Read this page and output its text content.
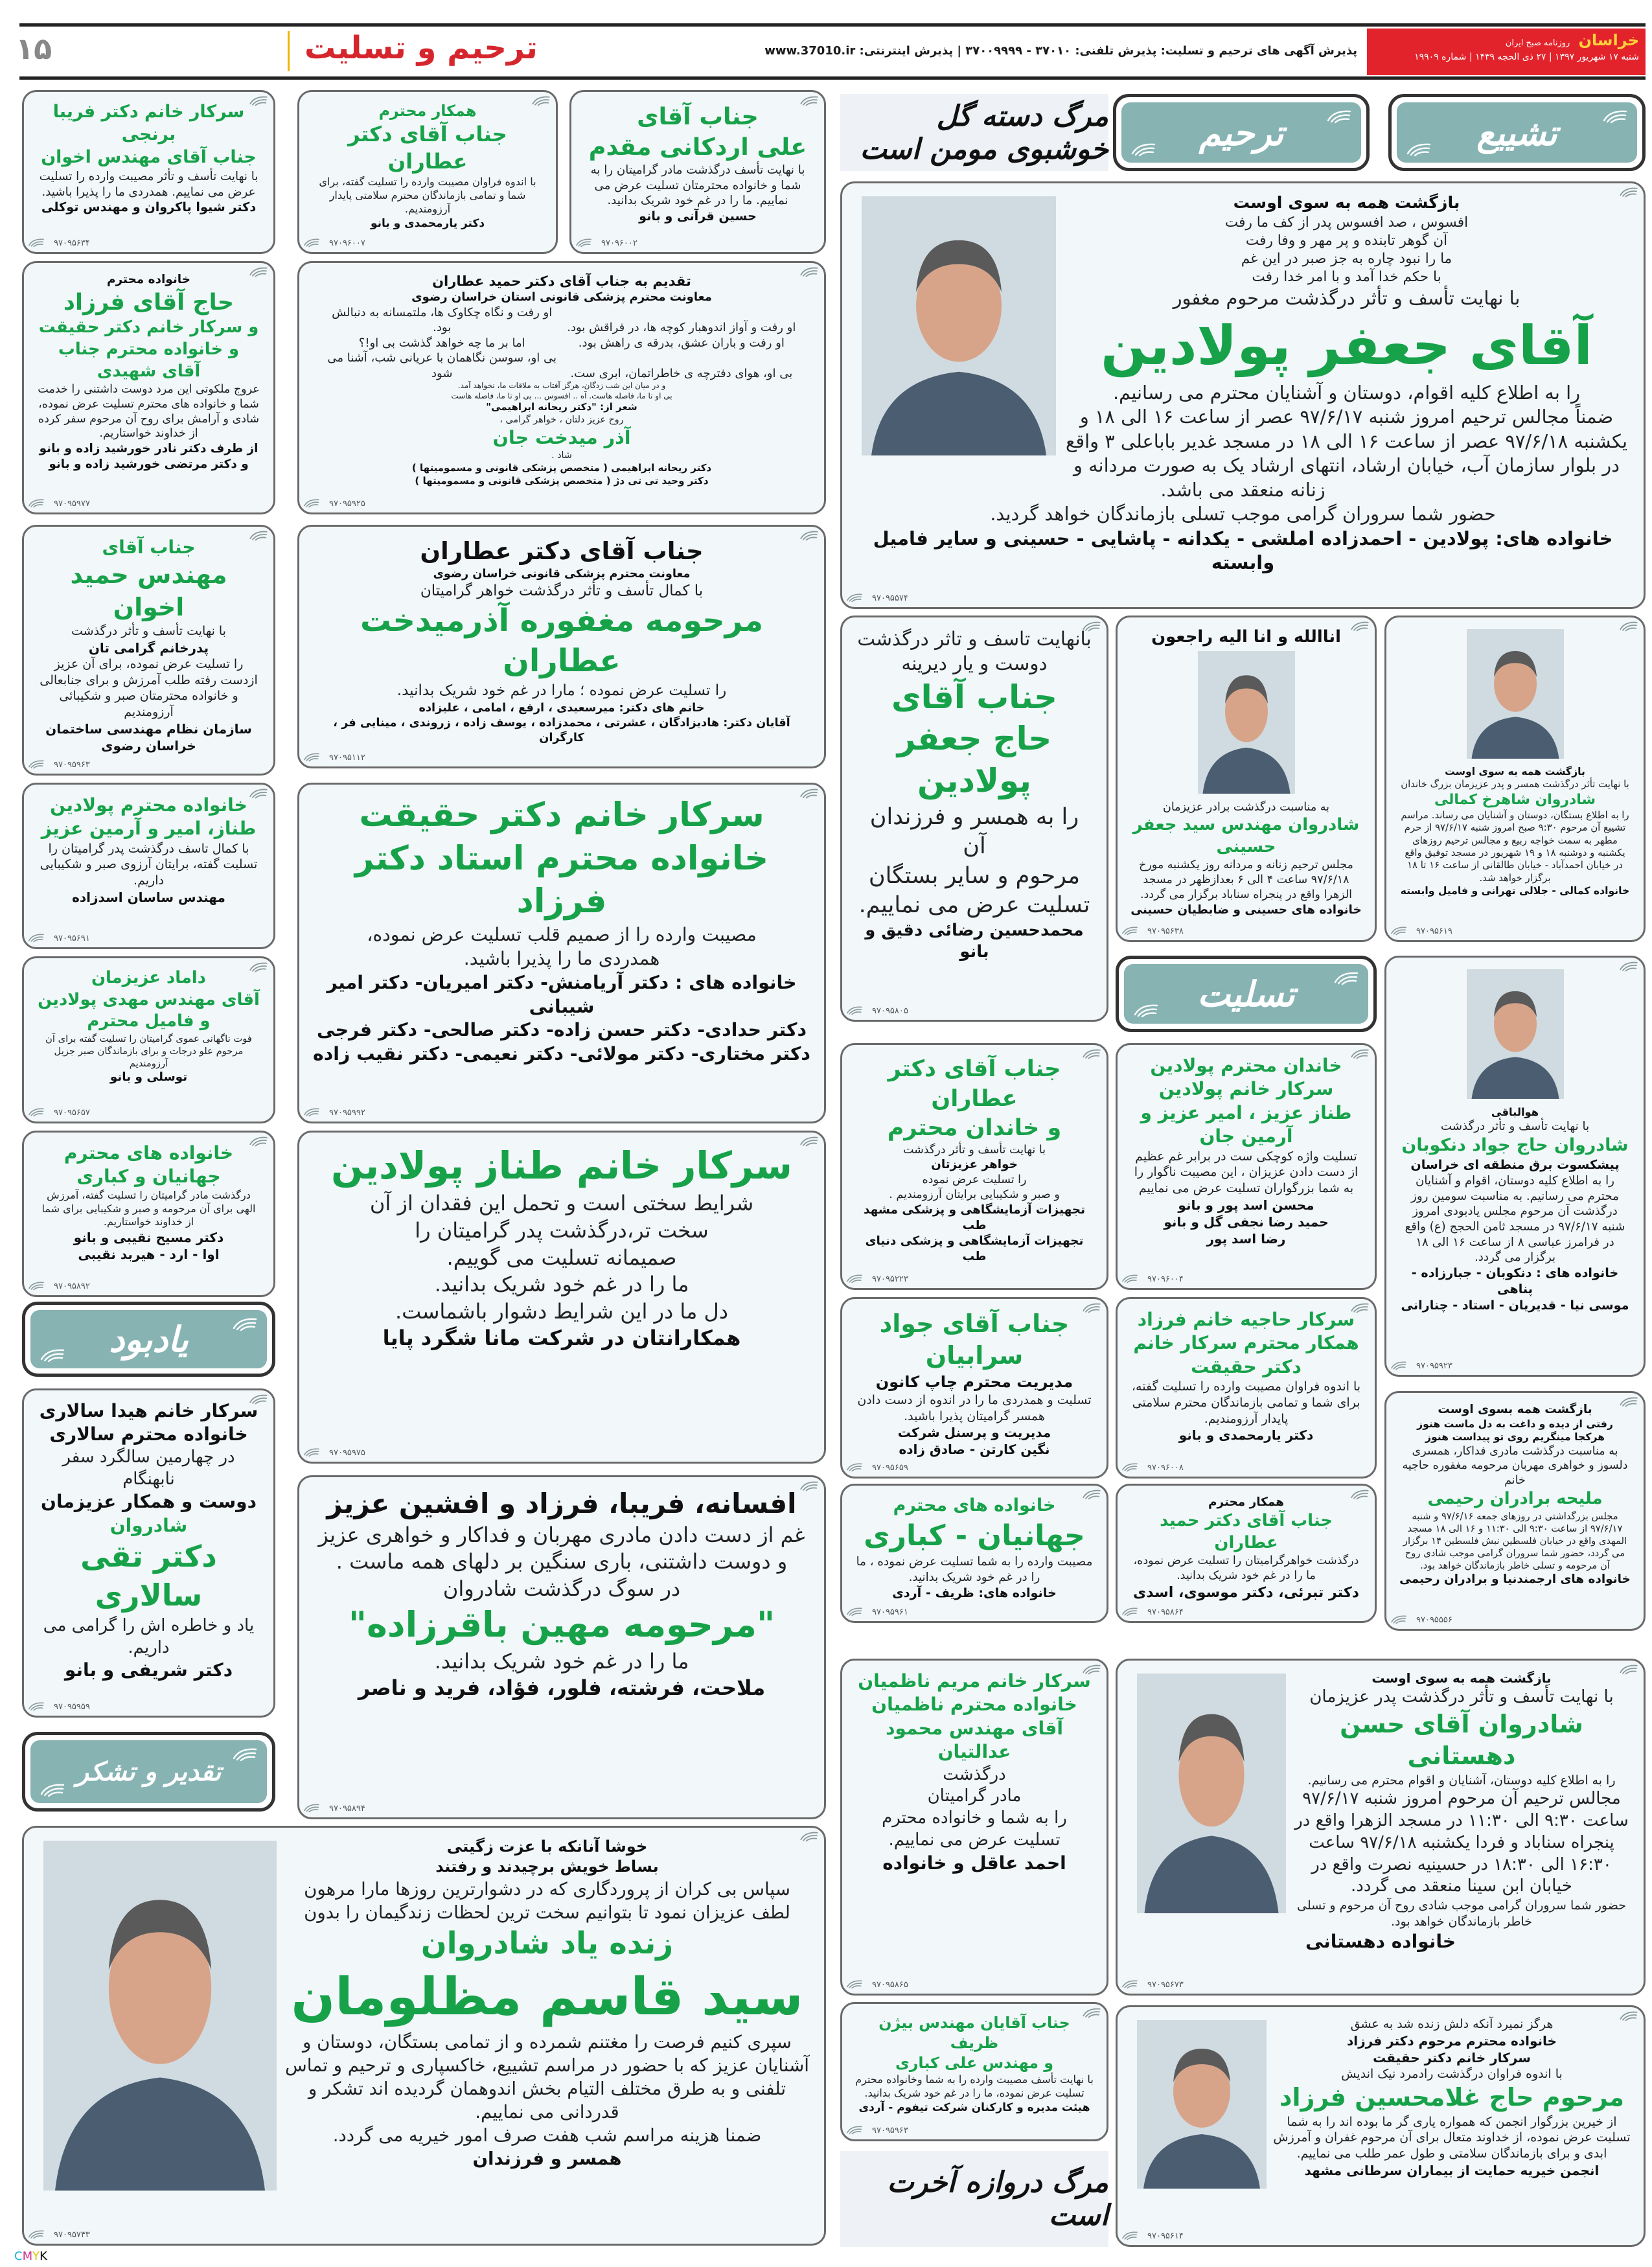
خراسان روزنامه صبح ایران
شنبه ۱۷ شهریور ۱۳۹۷ | ۲۷ ذی الحجه ۱۴۳۹ | شماره ۱۹۹۰۹
پذیرش آگهی های ترحیم و تسلیت: پذیرش تلفنی: ۳۷۰۱۰ - ۳۷۰۰۹۹۹۹ | پذیرش اینترنتی: www.37010.ir
ترحیم و تسلیت
۱۵
تشییع
ترحیم
مرگ دسته گل خوشبوی مومن است
تسلیت
یادبود
تقدیر و تشکر
مرگ دروازه آخرت است
CMYK
بازگشت همه به سوی اوست
افسوس ، صد افسوس پدر از کف ما رفتآن گوهر تابنده و پر مهر و وفا رفتما را نبود چاره به جز صبر در این غمبا حکم خدا آمد و با امر خدا رفت
با نهایت تأسف و تأثر درگذشت مرحوم مغفور
آقای جعفر پولادین
را به اطلاع کلیه اقوام، دوستان و آشنایان محترم می رسانیم.
ضمناً مجالس ترحیم امروز شنبه ۹۷/۶/۱۷ عصر از ساعت ۱۶ الی ۱۸ و یکشنبه ۹۷/۶/۱۸ عصر از ساعت ۱۶ الی ۱۸ در مسجد غدیر باباعلی ۳ واقع در بلوار سازمان آب، خیابان ارشاد، انتهای ارشاد یک به صورت مردانه و زنانه منعقد می باشد.
حضور شما سروران گرامی موجب تسلی بازماندگان خواهد گردید.
خانواده های: پولادین - احمدزاده املشی - یکدانه - پاشایی - حسینی و سایر فامیل وابسته
۹۷۰۹۵۵۷۴
بانهایت تاسف و تاثر درگذشت
دوست و یار دیرینه
جناب آقای
حاج جعفر پولادین
را به همسر و فرزندان آن
مرحوم و سایر بستگان
تسلیت عرض می نماییم.
محمدحسین رضائی دقیق و بانو
۹۷۰۹۵۸۰۵
اناالله و انا الیه راجعون
به مناسبت درگذشت برادر عزیزمان
شادروان مهندس سید جعفر حسینی
مجلس ترحیم زنانه و مردانه روز یکشنبه مورخ ۹۷/۶/۱۸ ساعت ۴ الی ۶ بعدازظهر در مسجد الزهرا واقع در پنجراه سناباد برگزار می گردد.
خانواده های حسینی و ضابطیان حسینی
۹۷۰۹۵۶۳۸
بازگشت همه به سوی اوست
با نهایت تأثر درگذشت همسر و پدر عزیزمان بزرگ خاندان
شادروان شاهرخ کمالی
را به اطلاع بستگان، دوستان و آشنایان می رساند. مراسم تشییع آن مرحوم ۹:۳۰ صبح امروز شنبه ۹۷/۶/۱۷ از حرم مطهر به سمت خواجه ربیع و مجالس ترحیم روزهای یکشنبه و دوشنبه ۱۸ و ۱۹ شهریور در مسجد توفیق واقع در خیابان احمدآباد - خیابان طالقانی از ساعت ۱۶ تا ۱۸ برگزار خواهد شد.
خانواده کمالی - جلالی تهرانی و فامیل وابسته
۹۷۰۹۵۶۱۹
هوالباقی
با نهایت تأسف و تأثر درگذشت
شادروان حاج جواد دنکوبان
پیشکسوت برق منطقه ای خراسان
را به اطلاع کلیه دوستان، اقوام و آشنایان محترم می رسانیم. به مناسبت سومین روز درگذشت آن مرحوم مجلس یادبودی امروز شنبه ۹۷/۶/۱۷ در مسجد ثامن الحجج (ع) واقع در فرامرز عباسی ۸ از ساعت ۱۶ الی ۱۸ برگزار می گردد.
خانواده های : دنکوبان - جبارزاده - پناهی
موسی نیا - قدیریان - استاد - چنارانی
۹۷۰۹۵۹۲۳
جناب آقای دکتر عطاران
و خاندان محترم
با نهایت تأسف و تأثر درگذشت
خواهر عزیزتان
را تسلیت عرض نموده
و صبر و شکیبایی برایتان آرزومندیم .
تجهیزات آزمایشگاهی و پزشکی مشهد طب
تجهیزات آزمایشگاهی و پزشکی دنیای طب
۹۷۰۹۵۲۲۳
خاندان محترم پولادین
سرکار خانم پولادین
طناز عزیز ، امیر عزیز و آرمین جان
تسلیت واژه کوچکی ست در برابر غم عظیم از دست دادن عزیزان ، این مصیبت ناگوار را به شما بزرگواران تسلیت عرض می نماییم
محسن اسد پور و بانو
حمید رضا نجفی گل و بانو
رضا اسد پور
۹۷۰۹۶۰۰۴
جناب آقای جواد سرابیان
مدیریت محترم چاپ کانون
تسلیت و همدردی ما را در اندوه از دست دادن همسر گرامیتان پذیرا باشید.
مدیریت و پرسنل شرکت
نگین کارتن - صادق زاده
۹۷۰۹۵۶۵۹
سرکار حاجیه خانم فرزاد
همکار محترم سرکار خانم دکتر حقیقت
با اندوه فراوان مصیبت وارده را تسلیت گفته، برای شما و تمامی بازماندگان محترم سلامتی پایدار آرزومندیم.
دکتر یارمحمدی و بانو
۹۷۰۹۶۰۰۸
بازگشت همه بسوی اوست
رفتی از دیده و داغت به دل ماست هنوز
هرکجا مینگریم روی تو پیداست هنوز
به مناسبت درگذشت مادری فداکار، همسری دلسوز و خواهری مهربان مرحومه مغفوره حاجیه خانم
ملیحه برادران رحیمی
مجلس بزرگداشتی در روزهای جمعه ۹۷/۶/۱۶ و شنبه ۹۷/۶/۱۷ از ساعت ۹:۳۰ الی ۱۱:۳۰ و ۱۶ الی ۱۸ مسجد المهدی واقع در خیابان فلسطین نبش فلسطین ۱۴ برگزار می گردد، حضور شما سروران گرامی موجب شادی روح آن مرحومه و تسلی خاطر بازماندگان خواهد بود.
خانواده های ارجمندنیا و برادران رحیمی
۹۷۰۹۵۵۵۶
خانواده های محترم
جهانیان - کباری
مصیبت وارده را به شما تسلیت عرض نموده ، ما را در غم خود شریک بدانید.
خانواده های: ظریف - آردی
۹۷۰۹۵۹۶۱
همکار محترم
جناب آقای دکتر حمید عطاران
درگذشت خواهرگرامیتان را تسلیت عرض نموده، ما را در غم خود شریک بدانید.
دکتر تبرئی، دکتر موسوی، اسدی
۹۷۰۹۵۸۶۴
سرکار خانم مریم ناظمیان
خانواده محترم ناظمیان
آقای مهندس محمود عدالتیان
درگذشت
مادر گرامیتان
را به شما و خانواده محترم
تسلیت عرض می نماییم.
احمد عاقل و خانواده
۹۷۰۹۵۸۶۵
بازگشت همه به سوی اوست
با نهایت تأسف و تأثر درگذشت پدر عزیزمان
شادروان آقای حسن دهستانی
را به اطلاع کلیه دوستان، آشنایان و اقوام محترم می رسانیم.
مجالس ترحیم آن مرحوم امروز شنبه ۹۷/۶/۱۷ ساعت ۹:۳۰ الی ۱۱:۳۰ در مسجد الزهرا واقع در پنجراه سناباد و فردا یکشنبه ۹۷/۶/۱۸ ساعت ۱۶:۳۰ الی ۱۸:۳۰ در حسینیه نصرت واقع در خیابان ابن سینا منعقد می گردد.
حضور شما سروران گرامی موجب شادی روح آن مرحوم و تسلی خاطر بازماندگان خواهد بود.
خانواده دهستانی
۹۷۰۹۵۶۷۳
جناب آقایان مهندس بیژن ظریف
و مهندس علی کباری
با نهایت تأسف مصیبت وارده را به شما وخانواده محترم تسلیت عرض نموده، ما را در غم خود شریک بدانید.
هیئت مدیره و کارکنان شرکت تیفوم - آردی
۹۷۰۹۵۹۶۳
هرگز نمیرد آنکه دلش زنده شد به عشق
خانواده محترم مرحوم دکتر فرزاد
سرکار خانم دکتر حقیقت
با اندوه فراوان درگذشت رادمرد نیک اندیش
مرحوم حاج غلامحسین فرزاد
از خیرین بزرگوار انجمن که همواره یاری گر ما بوده اند را به شما تسلیت عرض نموده، از خداوند متعال برای آن مرحوم غفران و آمرزش ابدی و برای بازماندگان سلامتی و طول عمر طلب می نماییم.
انجمن خیریه حمایت از بیماران سرطانی مشهد
۹۷۰۹۵۶۱۴
جناب آقای
علی اردکانی مقدم
با نهایت تأسف درگذشت مادر گرامیتان را به شما و خانواده محترمتان تسلیت عرض می نماییم. ما را در غم خود شریک بدانید.
حسین قرآنی و بانو
۹۷۰۹۶۰۰۲
همکار محترم
جناب آقای دکتر عطاران
با اندوه فراوان مصیبت وارده را تسلیت گفته، برای شما و تمامی بازماندگان محترم سلامتی پایدار آرزومندیم.
دکتر یارمحمدی و بانو
۹۷۰۹۶۰۰۷
سرکار خانم دکتر فریبا برنجی
جناب آقای مهندس اخوان
با نهایت تأسف و تأثر مصیبت وارده را تسلیت عرض می نماییم. همدردی ما را پذیرا باشید.
دکتر شیوا پاکروان و مهندس توکلی
۹۷۰۹۵۶۳۴
تقدیم به جناب آقای دکتر حمید عطاران
معاونت محترم پزشکی قانونی استان خراسان رضوی
او رفت و آواز اندوهبار کوچه ها، در فراقش بود.او رفت و نگاه چکاوک ها، ملتمسانه به دنبالش بود.او رفت و باران عشق، بدرقه ی راهش بود.اما بر ما چه خواهد گذشت بی او!؟بی او، هوای دفترچه ی خاطراتمان، ابری ست.بی او، سوسن نگاهمان با عریانی شب، آشنا می شود
و در میان این شب زدگان، هرگز آفتاب به ملاقات ما، نخواهد آمد.
بی او تا ما، فاصله هاست. آه .. افسوس ... بی او تا ما، فاصله هاست
شعر از: "دکتر ریحانه ابراهیمی"
روح عزیز دلتان ، خواهر گرامی ،
آذر میدخت جان
شاد .
دکتر ریحانه ابراهیمی ( متخصص پزشکی قانونی و مسمومیتها )
دکتر وحید تی تی دژ ( متخصص پزشکی قانونی و مسمومیتها )
۹۷۰۹۵۹۲۵
خانواده محترم
حاج آقای فرزاد
و سرکار خانم دکتر حقیقت
و خانواده محترم جناب آقای شهیدی
عروج ملکوتی این مرد دوست داشتنی را خدمت شما و خانواده های محترم تسلیت عرض نموده، شادی و آرامش برای روح آن مرحوم سفر کرده از خداوند خواستاریم.
از طرف دکتر نادر خورشید زاده و بانو
و دکتر مرتضی خورشید زاده و بانو
۹۷۰۹۵۹۷۷
جناب آقای دکتر عطاران
معاونت محترم پزشکی قانونی خراسان رضوی
با کمال تأسف و تأثر درگذشت خواهر گرامیتان
مرحومه مغفوره آذرمیدخت عطاران
را تسلیت عرض نموده ؛ مارا در غم خود شریک بدانید.
خانم های دکتر: میرسعیدی ، ارفع ، امامی ، علیزاده
آقایان دکتر: هادیزادگان ، عشرتی ، محمدزاده ، یوسف زاده ، زروندی ، مینایی فر ، کارگران
۹۷۰۹۵۱۱۲
جناب آقای
مهندس حمید اخوان
با نهایت تأسف و تأثر درگذشت
پدرخانم گرامی تان
را تسلیت عرض نموده، برای آن عزیز ازدست رفته طلب آمرزش و برای جنابعالی و خانواده محترمتان صبر و شکیبائی آرزومندیم
سازمان نظام مهندسی ساختمان
خراسان رضوی
۹۷۰۹۵۹۶۳
سرکار خانم دکتر حقیقت
خانواده محترم استاد دکتر فرزاد
مصیبت وارده را از صمیم قلب تسلیت عرض نموده،
همدردی ما را پذیرا باشید.
خانواده های : دکتر آریامنش- دکتر امیریان- دکتر امیر شیبانی
دکتر حدادی- دکتر حسن زاده- دکتر صالحی- دکتر فرجی
دکتر مختاری- دکتر مولائی- دکتر نعیمی- دکتر نقیب زاده
۹۷۰۹۵۹۹۲
خانواده محترم پولادین
طناز، امیر و آرمین عزیز
با کمال تاسف درگذشت پدر گرامیتان را تسلیت گفته، برایتان آرزوی صبر و شکیبایی داریم.
مهندس ساسان اسدزاده
۹۷۰۹۵۶۹۱
داماد عزیزمان
آقای مهندس مهدی پولادین
و فامیل محترم
فوت ناگهانی عموی گرامیتان را تسلیت گفته برای آن مرحوم علو درجات و برای بازماندگان صبر جزیل آرزومندیم
توسلی و بانو
۹۷۰۹۵۶۵۷
سرکار خانم طناز پولادین
شرایط سختی است و تحمل این فقدان از آن
سخت تر،درگذشت پدر گرامیتان را
صمیمانه تسلیت می گوییم.
ما را در غم خود شریک بدانید.
دل ما در این شرایط دشوار باشماست.
همکارانتان در شرکت مانا شگرد پایا
۹۷۰۹۵۹۷۵
خانواده های محترم
جهانیان و کباری
درگذشت مادر گرامیتان را تسلیت گفته، آمرزش الهی برای آن مرحومه و صبر و شکیبایی برای شما از خداوند خواستاریم.
دکتر مسیح نقیبی و بانو
اوا - ارد - هیربد نقیبی
۹۷۰۹۵۸۹۲
سرکار خانم هیدا سالاری
خانواده محترم سالاری
در چهارمین سالگرد سفر نابهنگام
دوست و همکار عزیزمان
شادروان
دکتر تقی سالاری
یاد و خاطره اش را گرامی می داریم.
دکتر شریفی و بانو
۹۷۰۹۵۹۵۹
افسانه، فریبا، فرزاد و افشین عزیز
غم از دست دادن مادری مهربان و فداکار و خواهری عزیز
و دوست داشتنی، باری سنگین بر دلهای همه ماست .
در سوگ درگذشت شادروان
"مرحومه مهین باقرزاده"
ما را در غم خود شریک بدانید.
ملاحت، فرشته، فلور، فؤاد، فرید و ناصر
۹۷۰۹۵۸۹۴
خوشا آنانکه با عزت زگیتی
بساط خویش برچیدند و رفتند
سپاس بی کران از پروردگاری که در دشوارترین روزها مارا مرهون لطف عزیزان نمود تا بتوانیم سخت ترین لحظات زندگیمان را بدون
زنده یاد شادروان
سید قاسم مظلومان
سپری کنیم فرصت را مغتنم شمرده و از تمامی بستگان، دوستان و آشنایان عزیز که با حضور در مراسم تشییع، خاکسپاری و ترحیم و تماس تلفنی و به طرق مختلف التیام بخش اندوهمان گردیده اند تشکر و قدردانی می نماییم.
ضمنا هزینه مراسم شب هفت صرف امور خیریه می گردد.
همسر و فرزندان
۹۷۰۹۵۷۴۳
